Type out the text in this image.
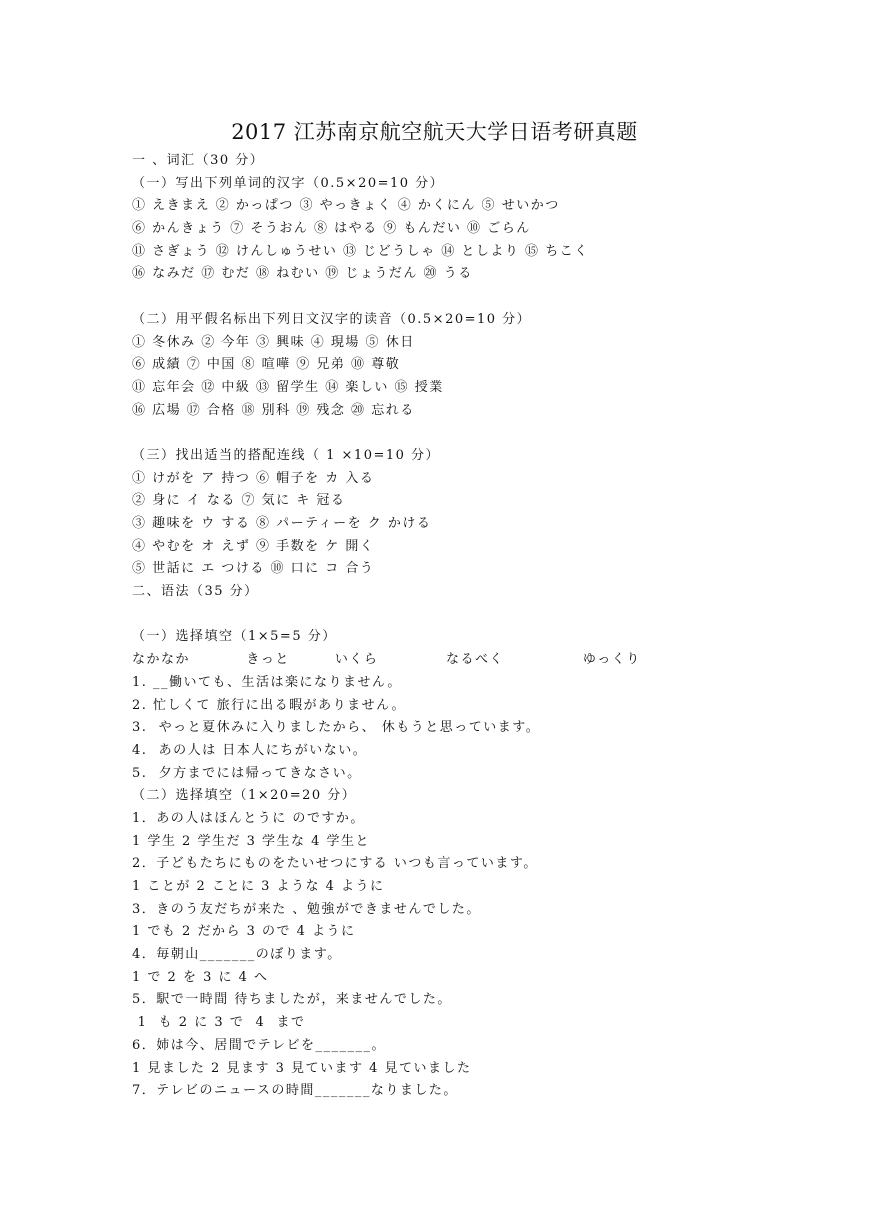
2017 江苏南京航空航天大学日语考研真题
一 、词汇（30 分）
（一）写出下列单词的汉字（0.5×20=10 分）
① えきまえ ② かっぱつ ③ やっきょく ④ かくにん ⑤ せいかつ
⑥ かんきょう ⑦ そうおん ⑧ はやる ⑨ もんだい ⑩ ごらん
⑪ さぎょう ⑫ けんしゅうせい ⑬ じどうしゃ ⑭ としより ⑮ ちこく
⑯ なみだ ⑰ むだ ⑱ ねむい ⑲ じょうだん ⑳ うる
（二）用平假名标出下列日文汉字的读音（0.5×20=10 分）
① 冬休み ② 今年 ③ 興味 ④ 現場 ⑤ 休日
⑥ 成績 ⑦ 中国 ⑧ 喧嘩 ⑨ 兄弟 ⑩ 尊敬
⑪ 忘年会 ⑫ 中級 ⑬ 留学生 ⑭ 楽しい ⑮ 授業
⑯ 広場 ⑰ 合格 ⑱ 別科 ⑲ 残念 ⑳ 忘れる
（三）找出适当的搭配连线（ 1 ×10=10 分）
① けがを ア 持つ ⑥ 帽子を カ 入る
② 身に イ なる ⑦ 気に キ 冠る
③ 趣味を ウ する ⑧ パーティーを ク かける
④ やむを オ えず ⑨ 手数を ケ 開く
⑤ 世話に エ つける ⑩ 口に コ 合う
二、语法（35 分）
（一）选择填空（1×5=5 分）
なかなか          きっと        いくら            なるべく              ゆっくり
1. __働いても、生活は楽になりません。
2. 忙しくて 旅行に出る暇がありません。
3.  やっと夏休みに入りましたから、 休もうと思っています。
4.  あの人は 日本人にちがいない。
5.  夕方までには帰ってきなさい。
（二）选择填空（1×20=20 分）
1．あの人はほんとうに のですか。
1 学生 2 学生だ 3 学生な 4 学生と
2．子どもたちにものをたいせつにする いつも言っています。
1 ことが 2 ことに 3 ような 4 ように
3．きのう友だちが来た 、勉強ができませんでした。
1 でも 2 だから 3 ので 4 ように
4．毎朝山_______のぼります。
1 で 2 を 3 に 4 へ
5．駅で一時間 待ちましたが，来ませんでした。
1  も 2 に 3 で  4  まで
6．姉は今、居間でテレビを_______。
1 見ました 2 見ます 3 見ています 4 見ていました
7．テレビのニュースの時間_______なりました。
